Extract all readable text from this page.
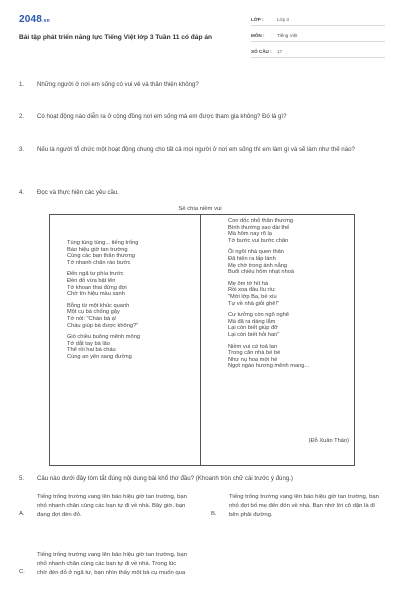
2048.vn
Bài tập phát triển năng lực Tiếng Việt lớp 3 Tuần 11 có đáp án
LỚP :	Lớp 3
MÔN :	Tiếng Việt
SỐ CÂU :	17
1.	Những người ở nơi em sống có vui vẻ và thân thiện không?
2.	Có hoạt động nào diễn ra ở cộng đồng nơi em sống mà em được tham gia không? Đó là gì?
3.	Nếu là người tổ chức một hoạt động chung cho tất cả mọi người ở nơi em sống thì em làm gì và sẽ làm như thế nào?
4.	Đọc và thực hiện các yêu cầu.
Sẻ chia niềm vui
Tùng tùng tùng... tiếng trống
Báo hiệu giờ tan trường
Cùng các bạn thân thương
Tớ nhanh chân ráo bước
Đến ngã tư phía trước
Đèn đỏ vừa bật lên
Tớ khoan thai đứng đợi
Chờ tín hiệu màu xanh
Bỗng từ một khúc quanh
Một cụ bà chống gậy
Tớ nói: "Cháo bà ạ!
Cháu giúp bà được không?"
Gió chiều buông mênh mông
Tớ dắt tay bà lão
Thế rồi hai bà cháu
Cùng an yên sang đường
Con dốc nhỏ thân thương
Bình thường sao dài thế
Mà hôm nay rõ lạ
Tớ bước vui bước chân
Ôi ngôi nhà quen thân
Đã hiện ra lấp lánh
Mẹ chờ trong ánh nắng
Buổi chiều hôm nhạt nhoà
Mẹ ôm tớ hít hà
Rồi xoa đầu líu ríu:
"Mới lớp Ba, bé xíu
Tự về nhà giỏi ghê!"
Cư tưởng còn ngô nghê
Mà đã ra dáng lắm
Lại còn biết giúp đỡ
Lại còn biết hỏi han"
Niềm vui cứ toả lan
Trong căn nhà bé bé
Như nụ hoa mới hé
Ngọt ngào hương mênh mang...
(Đỗ Xuân Thảo)
5.	Câu nào dưới đây tóm tắt đúng nội dung bài khổ thơ đầu? (Khoanh tròn chữ cái trước ý đúng.)
A.
Tiếng trống trường vang lên báo hiệu giờ tan trường, bạn nhỏ nhanh chân cùng các bạn tự đi về nhà. Bây giờ, bạn đang đợi đèn đỏ.	B.
Tiếng trống trường vang lên báo hiệu giờ tan trường, bạn nhỏ đợi bố mẹ đến đón về nhà. Bạn nhớ lời cô dặn là đi bên phải đường.
C.
Tiếng trống trường vang lên báo hiệu giờ tan trường, bạn nhỏ nhanh chân cùng các bạn tự đi về nhà. Trong lúc chờ đèn đỏ ở ngã tư, bạn nhìn thấy một bà cụ muốn qua
